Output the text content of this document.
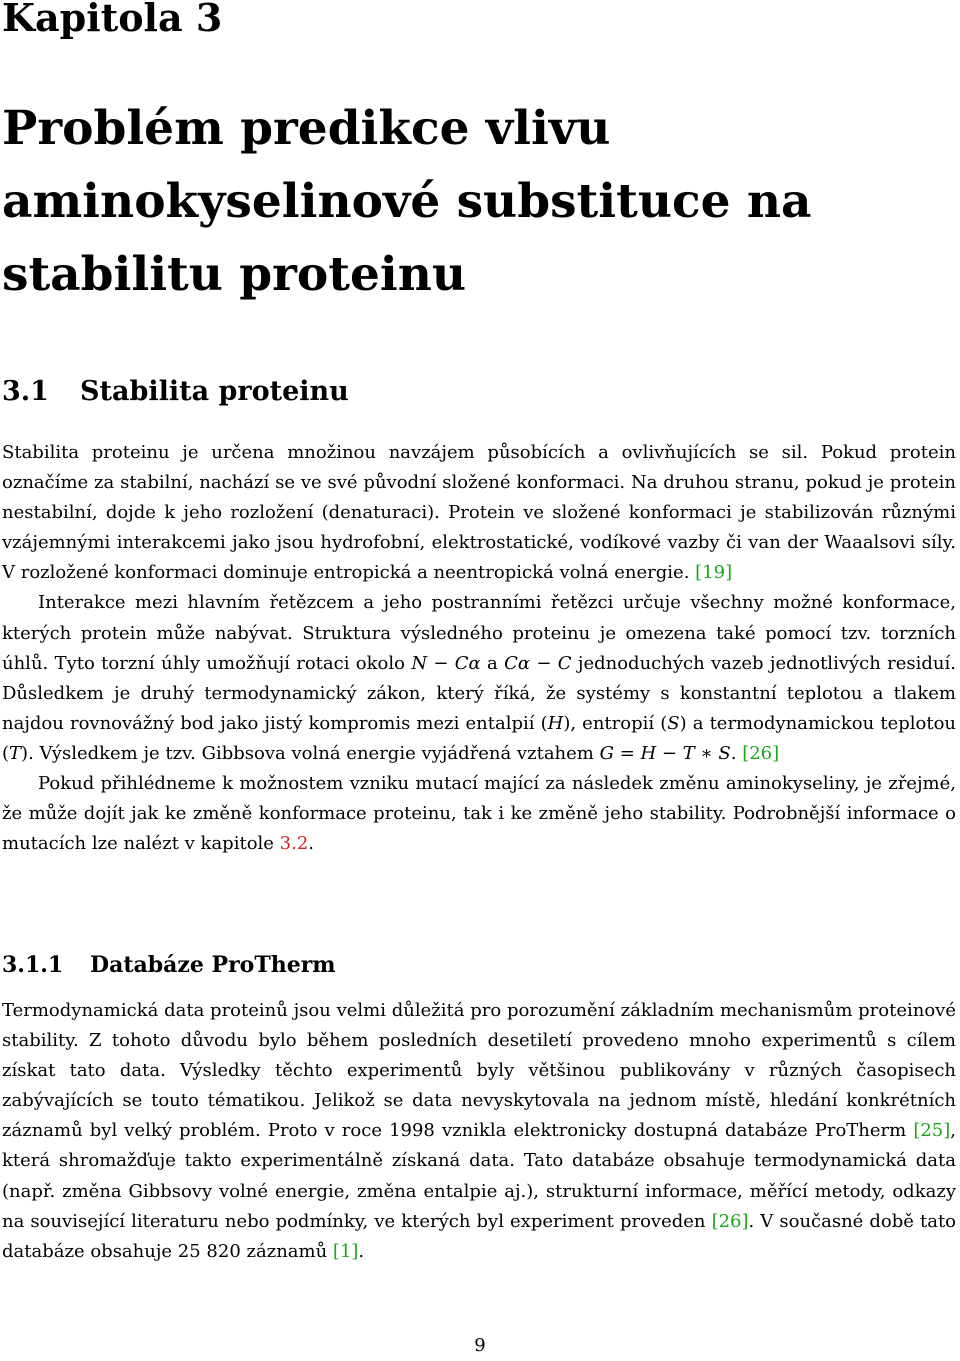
Kapitola 3
Problém predikce vlivu aminokyselinové substituce na stabilitu proteinu
3.1 Stabilita proteinu

Stabilita proteinu je určena množinou navzájem působících a ovlivňujících se sil. Pokud protein označíme za stabilní, nachází se ve své původní složené konformaci. Na druhou stranu, pokud je protein nestabilní, dojde k jeho rozložení (denaturaci). Protein ve složené konformaci je stabilizován různými vzájemnými interakcemi jako jsou hydrofobní, elektrostatické, vodíkové vazby či van der Waaalsovi síly. V rozložené konformaci dominuje entropická a neentropická volná energie. [19]

Interakce mezi hlavním řetězcem a jeho postranními řetězci určuje všechny možné konformace, kterých protein může nabývat. Struktura výsledného proteinu je omezena také pomocí tzv. torzních úhlů. Tyto torzní úhly umožňují rotaci okolo N − Cα a Cα − C jednoduchých vazeb jednotlivých residuí. Důsledkem je druhý termodynamický zákon, který říká, že systémy s konstantní teplotou a tlakem najdou rovnovážný bod jako jistý kompromis mezi entalpií (H), entropií (S) a termodynamickou teplotou (T). Výsledkem je tzv. Gibbsova volná energie vyjádřená vztahem G = H − T ∗ S. [26]

Pokud přihlédneme k možnostem vzniku mutací mající za následek změnu aminokyseliny, je zřejmé, že může dojít jak ke změně konformace proteinu, tak i ke změně jeho stability. Podrobnější informace o mutacích lze nalézt v kapitole 3.2.

3.1.1 Databáze ProTherm

Termodynamická data proteinů jsou velmi důležitá pro porozumění základním mechanismům proteinové stability. Z tohoto důvodu bylo během posledních desetiletí provedeno mnoho experimentů s cílem získat tato data. Výsledky těchto experimentů byly většinou publikovány v různých časopisech zabývajících se touto tématikou. Jelikož se data nevyskytovala na jednom místě, hledání konkrétních záznamů byl velký problém. Proto v roce 1998 vznikla elektronicky dostupná databáze ProTherm [25], která shromažďuje takto experimentálně získaná data. Tato databáze obsahuje termodynamická data (např. změna Gibbsovy volné energie, změna entalpie aj.), strukturní informace, měřící metody, odkazy na související literaturu nebo podmínky, ve kterých byl experiment proveden [26]. V současné době tato databáze obsahuje 25 820 záznamů [1].

9
